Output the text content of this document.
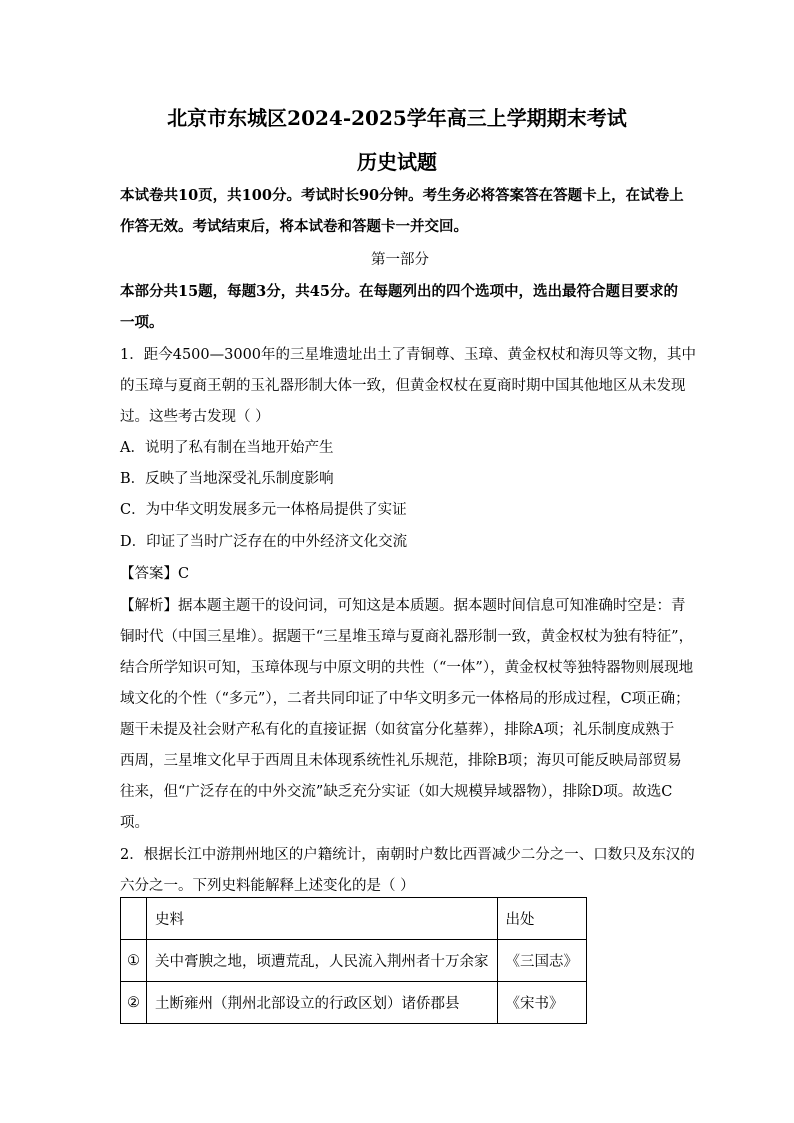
北京市东城区2024-2025学年高三上学期期末考试
历史试题
本试卷共10页，共100分。考试时长90分钟。考生务必将答案答在答题卡上，在试卷上
作答无效。考试结束后，将本试卷和答题卡一并交回。
第一部分
本部分共15题，每题3分，共45分。在每题列出的四个选项中，选出最符合题目要求的
一项。
1．距今4500—3000年的三星堆遗址出土了青铜尊、玉璋、黄金权杖和海贝等文物，其中
的玉璋与夏商王朝的玉礼器形制大体一致，但黄金权杖在夏商时期中国其他地区从未发现
过。这些考古发现（ ）
A．说明了私有制在当地开始产生
B．反映了当地深受礼乐制度影响
C．为中华文明发展多元一体格局提供了实证
D．印证了当时广泛存在的中外经济文化交流
【答案】C
【解析】据本题主题干的设问词，可知这是本质题。据本题时间信息可知准确时空是：青
铜时代（中国三星堆）。据题干“三星堆玉璋与夏商礼器形制一致，黄金权杖为独有特征”，
结合所学知识可知，玉璋体现与中原文明的共性（“一体”），黄金权杖等独特器物则展现地
域文化的个性（“多元”），二者共同印证了中华文明多元一体格局的形成过程，C项正确；
题干未提及社会财产私有化的直接证据（如贫富分化墓葬），排除A项；礼乐制度成熟于
西周，三星堆文化早于西周且未体现系统性礼乐规范，排除B项；海贝可能反映局部贸易
往来，但“广泛存在的中外交流”缺乏充分实证（如大规模异域器物），排除D项。故选C
项。
2．根据长江中游荆州地区的户籍统计，南朝时户数比西晋减少二分之一、口数只及东汉的
六分之一。下列史料能解释上述变化的是（ ）
	史料	出处
①	关中膏腴之地，顷遭荒乱，人民流入荆州者十万余家	《三国志》
②	土断雍州（荆州北部设立的行政区划）诸侨郡县	《宋书》
